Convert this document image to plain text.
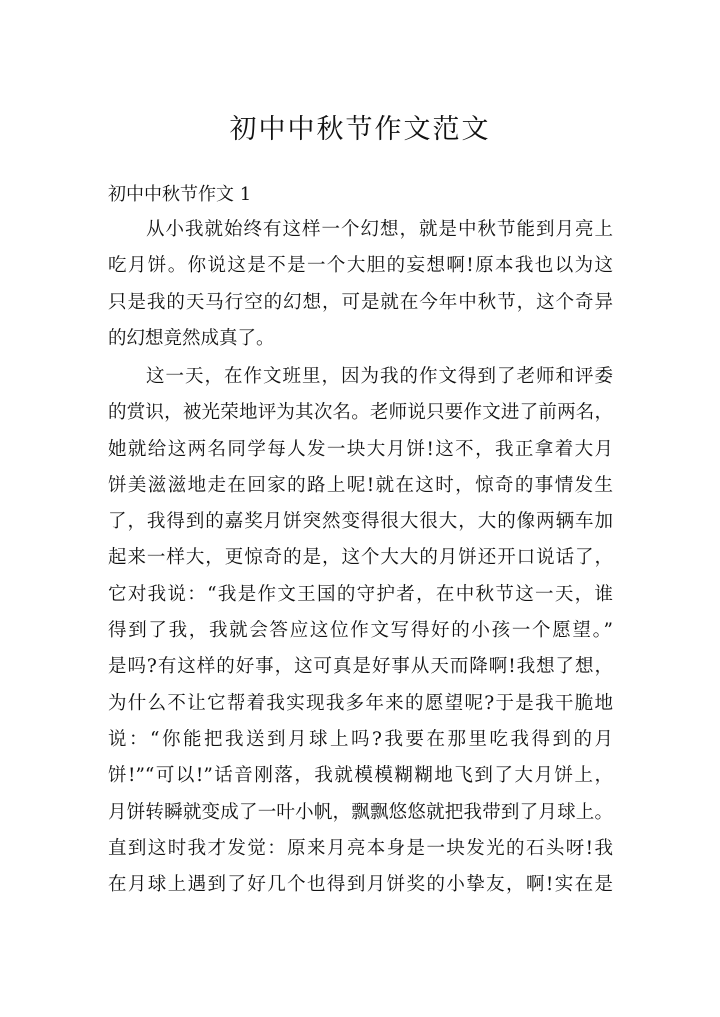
初中中秋节作文范文
初中中秋节作文 1
从小我就始终有这样一个幻想，就是中秋节能到月亮上
吃月饼。你说这是不是一个大胆的妄想啊!原本我也以为这
只是我的天马行空的幻想，可是就在今年中秋节，这个奇异
的幻想竟然成真了。
这一天，在作文班里，因为我的作文得到了老师和评委
的赏识，被光荣地评为其次名。老师说只要作文进了前两名，
她就给这两名同学每人发一块大月饼!这不，我正拿着大月
饼美滋滋地走在回家的路上呢!就在这时，惊奇的事情发生
了，我得到的嘉奖月饼突然变得很大很大，大的像两辆车加
起来一样大，更惊奇的是，这个大大的月饼还开口说话了，
它对我说：“我是作文王国的守护者，在中秋节这一天，谁
得到了我，我就会答应这位作文写得好的小孩一个愿望。”
是吗?有这样的好事，这可真是好事从天而降啊!我想了想，
为什么不让它帮着我实现我多年来的愿望呢?于是我干脆地
说：“你能把我送到月球上吗?我要在那里吃我得到的月
饼!”“可以!”话音刚落，我就模模糊糊地飞到了大月饼上，
月饼转瞬就变成了一叶小帆，飘飘悠悠就把我带到了月球上。
直到这时我才发觉：原来月亮本身是一块发光的石头呀!我
在月球上遇到了好几个也得到月饼奖的小挚友，啊!实在是
